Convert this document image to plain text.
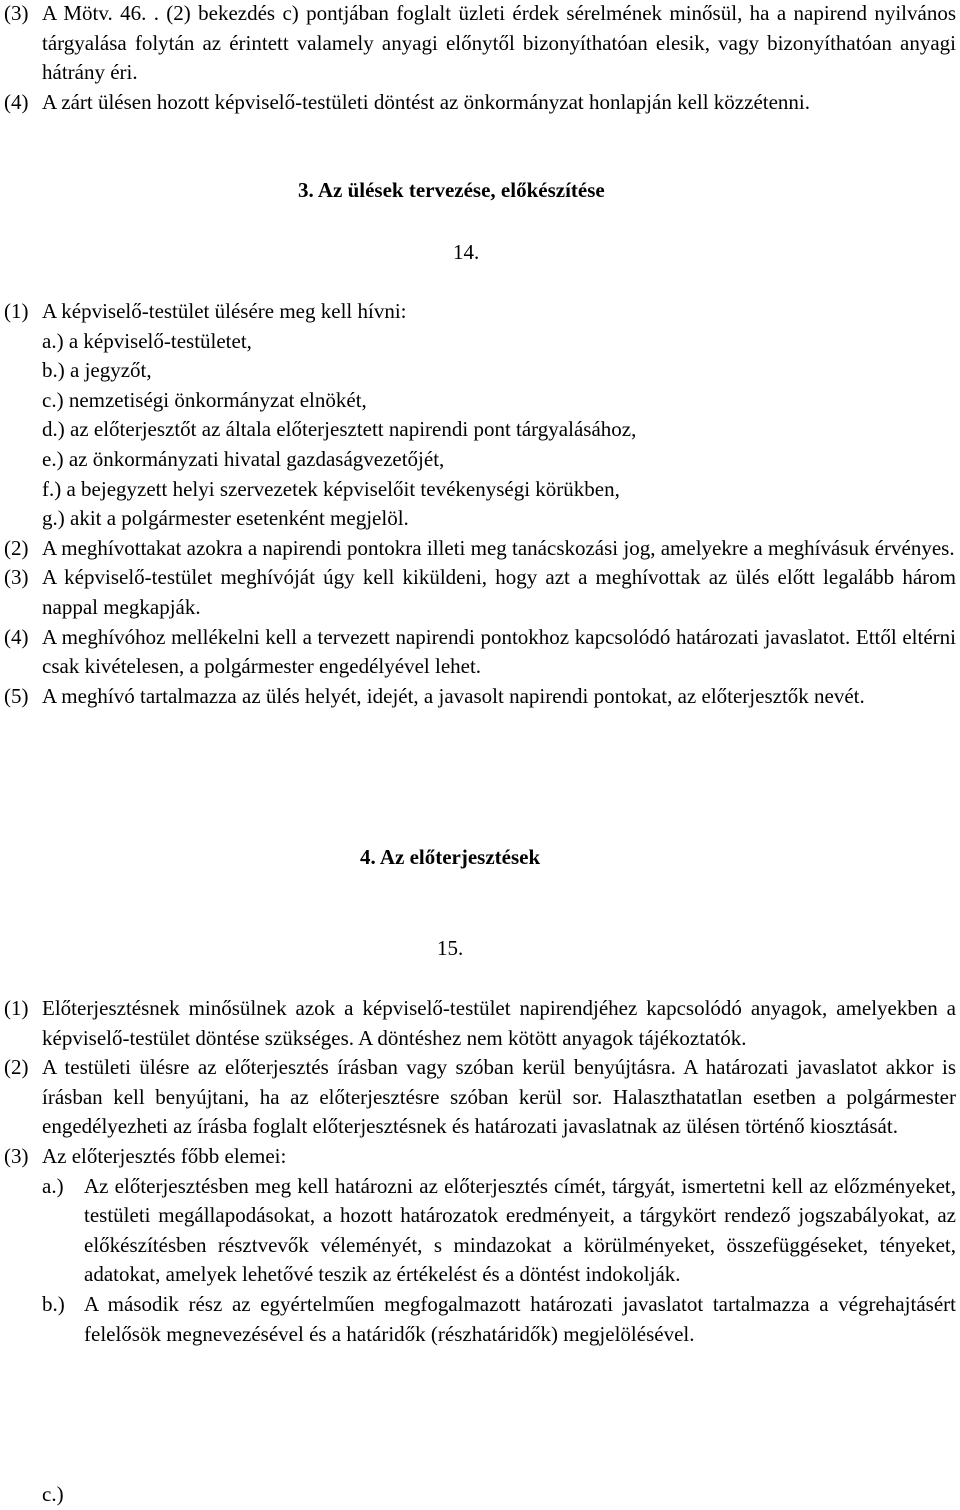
(3) A Mötv. 46. . (2) bekezdés c) pontjában foglalt üzleti érdek sérelmének minősül, ha a napirend nyilvános tárgyalása folytán az érintett valamely anyagi előnytől bizonyíthatóan elesik, vagy bizonyíthatóan anyagi hátrány éri.
(4) A zárt ülésen hozott képviselő-testületi döntést az önkormányzat honlapján kell közzétenni.
3. Az ülések tervezése, előkészítése
14.
(1) A képviselő-testület ülésére meg kell hívni:
a.) a képviselő-testületet,
b.) a jegyzőt,
c.) nemzetiségi önkormányzat elnökét,
d.) az előterjesztőt az általa előterjesztett napirendi pont tárgyalásához,
e.) az önkormányzati hivatal gazdaságvezetőjét,
f.) a bejegyzett helyi szervezetek képviselőit tevékenységi körükben,
g.) akit a polgármester esetenként megjelöl.
(2) A meghívottakat azokra a napirendi pontokra illeti meg tanácskozási jog, amelyekre a meghívásuk érvényes.
(3) A képviselő-testület meghívóját úgy kell kiküldeni, hogy azt a meghívottak az ülés előtt legalább három nappal megkapják.
(4) A meghívóhoz mellékelni kell a tervezett napirendi pontokhoz kapcsolódó határozati javaslatot. Ettől eltérni csak kivételesen, a polgármester engedélyével lehet.
(5) A meghívó tartalmazza az ülés helyét, idejét, a javasolt napirendi pontokat, az előterjesztők nevét.
4. Az előterjesztések
15.
(1) Előterjesztésnek minősülnek azok a képviselő-testület napirendjéhez kapcsolódó anyagok, amelyekben a képviselő-testület döntése szükséges. A döntéshez nem kötött anyagok tájékoztatók.
(2) A testületi ülésre az előterjesztés írásban vagy szóban kerül benyújtásra. A határozati javaslatot akkor is írásban kell benyújtani, ha az előterjesztésre szóban kerül sor. Halaszthatatlan esetben a polgármester engedélyezheti az írásba foglalt előterjesztésnek és határozati javaslatnak az ülésen történő kiosztását.
(3) Az előterjesztés főbb elemei:
a.) Az előterjesztésben meg kell határozni az előterjesztés címét, tárgyát, ismertetni kell az előzményeket, testületi megállapodásokat, a hozott határozatok eredményeit, a tárgykört rendező jogszabályokat, az előkészítésben résztvevők véleményét, s mindazokat a körülményeket, összefüggéseket, tényeket, adatokat, amelyek lehetővé teszik az értékelést és a döntést indokolják.
b.) A második rész az egyértelműen megfogalmazott határozati javaslatot tartalmazza a végrehajtásért felelősök megnevezésével és a határidők (részhatáridők) megjelölésével.
c.)
